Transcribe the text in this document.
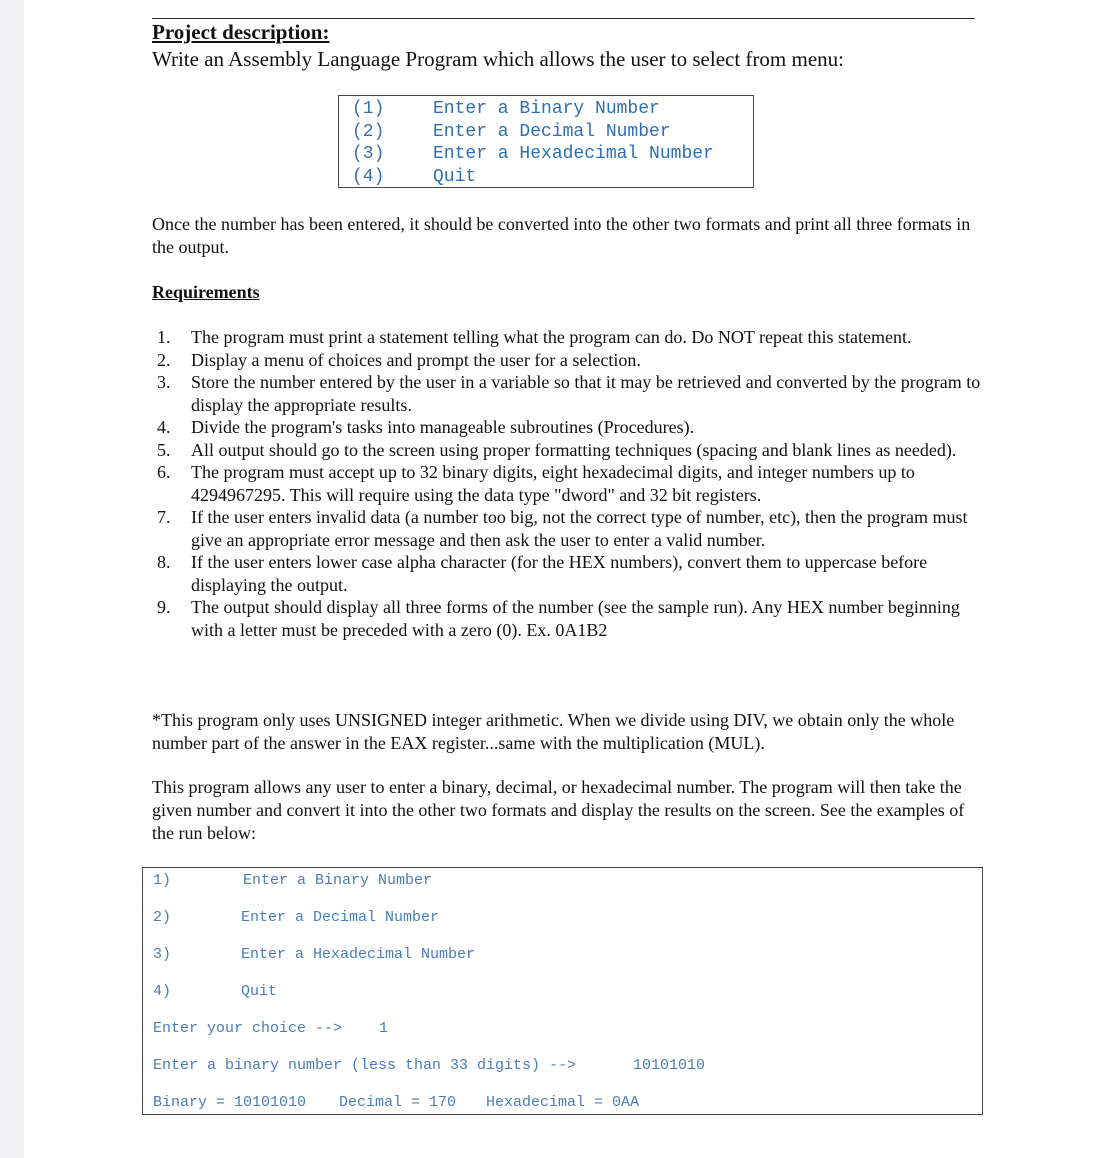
Project description:
Write an Assembly Language Program which allows the user to select from menu:
(1)	Enter a Binary Number
(2)	Enter a Decimal Number
(3)	Enter a Hexadecimal Number
(4)	Quit
Once the number has been entered, it should be converted into the other two formats and print all three formats in the output.
Requirements
1. The program must print a statement telling what the program can do. Do NOT repeat this statement.
2. Display a menu of choices and prompt the user for a selection.
3. Store the number entered by the user in a variable so that it may be retrieved and converted by the program to display the appropriate results.
4. Divide the program's tasks into manageable subroutines (Procedures).
5. All output should go to the screen using proper formatting techniques (spacing and blank lines as needed).
6. The program must accept up to 32 binary digits, eight hexadecimal digits, and integer numbers up to 4294967295. This will require using the data type "dword" and 32 bit registers.
7. If the user enters invalid data (a number too big, not the correct type of number, etc), then the program must give an appropriate error message and then ask the user to enter a valid number.
8. If the user enters lower case alpha character (for the HEX numbers), convert them to uppercase before displaying the output.
9. The output should display all three forms of the number (see the sample run). Any HEX number beginning with a letter must be preceded with a zero (0). Ex. 0A1B2
*This program only uses UNSIGNED integer arithmetic. When we divide using DIV, we obtain only the whole number part of the answer in the EAX register...same with the multiplication (MUL).
This program allows any user to enter a binary, decimal, or hexadecimal number. The program will then take the given number and convert it into the other two formats and display the results on the screen. See the examples of the run below:
1)	Enter a Binary Number
2)	Enter a Decimal Number
3)	Enter a Hexadecimal Number
4)	Quit
Enter your choice --> 1
Enter a binary number (less than 33 digits) -->	10101010
Binary = 10101010 Decimal = 170 Hexadecimal = 0AA
